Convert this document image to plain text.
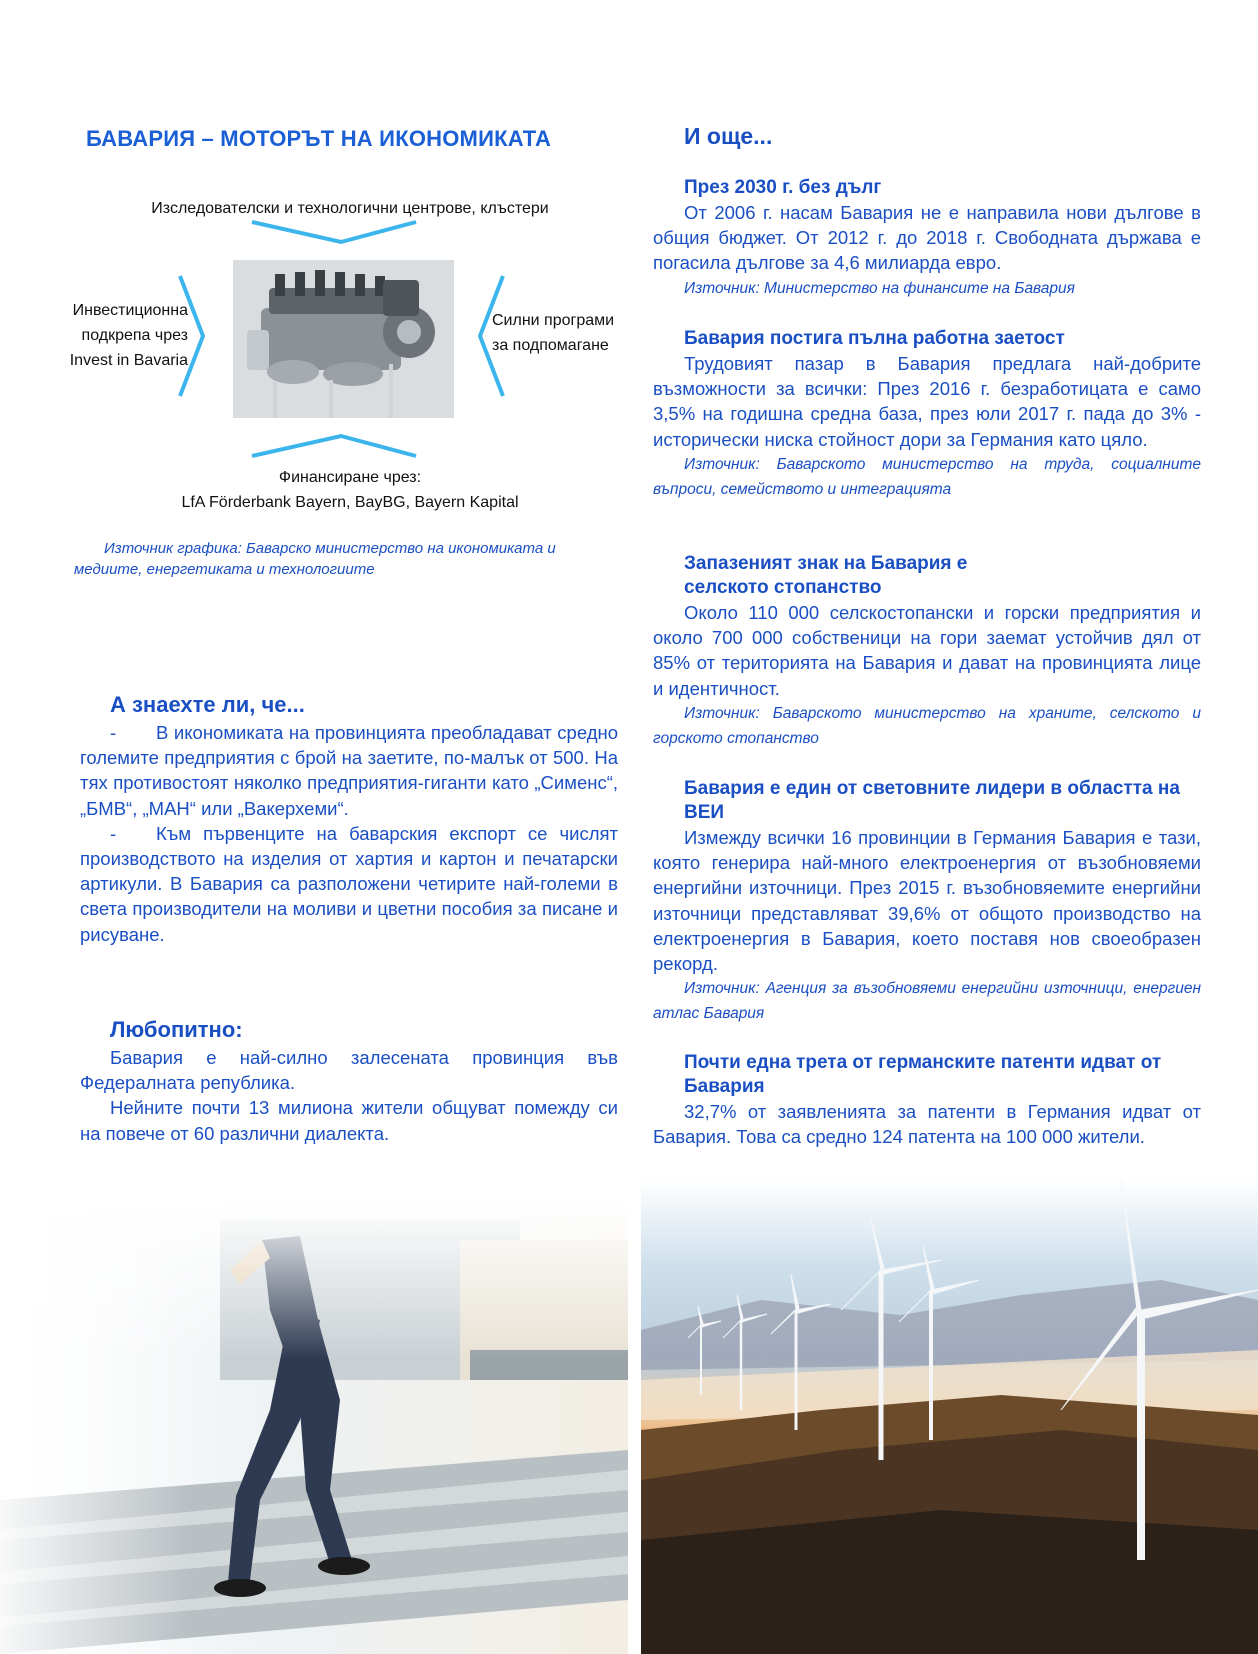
БАВАРИЯ – МОТОРЪТ НА ИКОНОМИКАТА
Изследователски и технологични центрове, клъстери
Инвестиционна
подкрепа чрез
Invest in Bavaria
Силни програми
за подпомагане
Финансиране чрез:
LfA Förderbank Bayern, BayBG, Bayern Kapital
Източник графика: Баварско министерство на икономиката и медиите, енергетиката и технологиите
А знаехте ли, че...

- В икономиката на провинцията преобладават средно големите предприятия с брой на заетите, по-малък от 500. На тях противостоят няколко предприятия-гиганти като „Сименс“, „БМВ“, „МАН“ или „Вакерхеми“.

- Към първенците на баварския експорт се числят производството на изделия от хартия и картон и печатарски артикули. В Бавария са разположени четирите най-големи в света производители на моливи и цветни пособия за писане и рисуване.

Любопитно:

Бавария е най-силно залесената провинция във Федералната република.

Нейните почти 13 милиона жители общуват помежду си на повече от 60 различни диалекта.

И още...
През 2030 г. без дълг

От 2006 г. насам Бавария не е направила нови дългове в общия бюджет. От 2012 г. до 2018 г. Свободната държава е погасила дългове за 4,6 милиарда евро.

Източник: Министерство на финансите на Бавария

Бавария постига пълна работна заетост

Трудовият пазар в Бавария предлага най-добрите възможности за всички: През 2016 г. безработицата е само 3,5% на годишна средна база, през юли 2017 г. пада до 3% - исторически ниска стойност дори за Германия като цяло.

Източник: Баварското министерство на труда, социалните въпроси, семейството и интеграцията

Запазеният знак на Бавария е селското стопанство

Около 110 000 селскостопански и горски предприятия и около 700 000 собственици на гори заемат устойчив дял от 85% от територията на Бавария и дават на провинцията лице и идентичност.

Източник: Баварското министерство на храните, селското и горското стопанство

Бавария е един от световните лидери в областта на ВЕИ

Измежду всички 16 провинции в Германия Бавария е тази, която генерира най-много електроенергия от възобновяеми енергийни източници. През 2015 г. възобновяемите енергийни източници представляват 39,6% от общото производство на електроенергия в Бавария, което поставя нов своеобразен рекорд.

Източник: Агенция за възобновяеми енергийни източници, енергиен атлас Бавария

Почти една трета от германските патенти идват от Бавария

32,7% от заявленията за патенти в Германия идват от Бавария. Това са средно 124 патента на 100 000 жители.
